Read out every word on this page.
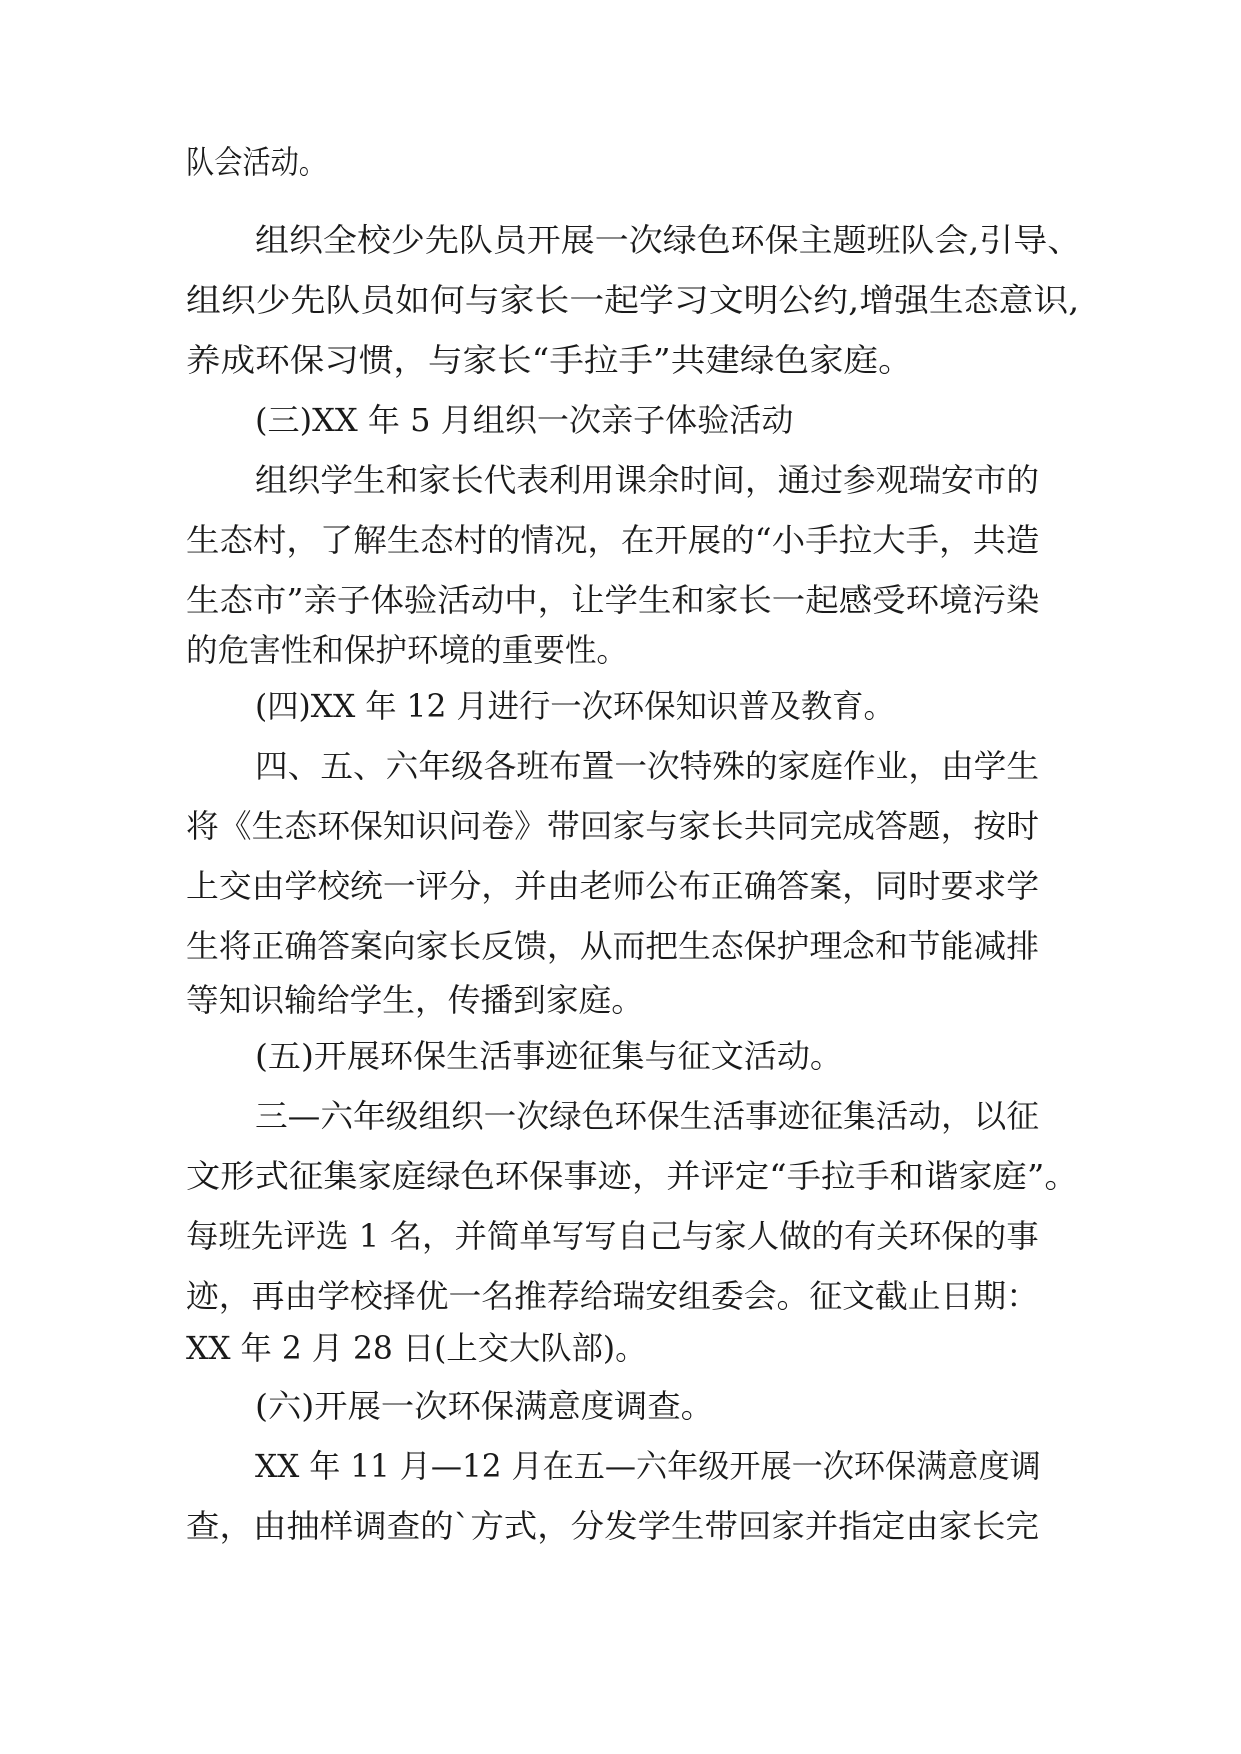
队会活动。
组织全校少先队员开展一次绿色环保主题班队会,引导、
组织少先队员如何与家长一起学习文明公约,增强生态意识,
养成环保习惯，与家长“手拉手”共建绿色家庭。
(三)XX 年 5 月组织一次亲子体验活动
组织学生和家长代表利用课余时间，通过参观瑞安市的
生态村，了解生态村的情况，在开展的“小手拉大手，共造
生态市”亲子体验活动中，让学生和家长一起感受环境污染
的危害性和保护环境的重要性。
(四)XX 年 12 月进行一次环保知识普及教育。
四、五、六年级各班布置一次特殊的家庭作业，由学生
将《生态环保知识问卷》带回家与家长共同完成答题，按时
上交由学校统一评分，并由老师公布正确答案，同时要求学
生将正确答案向家长反馈，从而把生态保护理念和节能减排
等知识输给学生，传播到家庭。
(五)开展环保生活事迹征集与征文活动。
三—六年级组织一次绿色环保生活事迹征集活动，以征
文形式征集家庭绿色环保事迹，并评定“手拉手和谐家庭”。
每班先评选 1 名，并简单写写自己与家人做的有关环保的事
迹，再由学校择优一名推荐给瑞安组委会。征文截止日期：
XX 年 2 月 28 日(上交大队部)。
(六)开展一次环保满意度调查。
XX 年 11 月—12 月在五—六年级开展一次环保满意度调
查，由抽样调查的`方式，分发学生带回家并指定由家长完
